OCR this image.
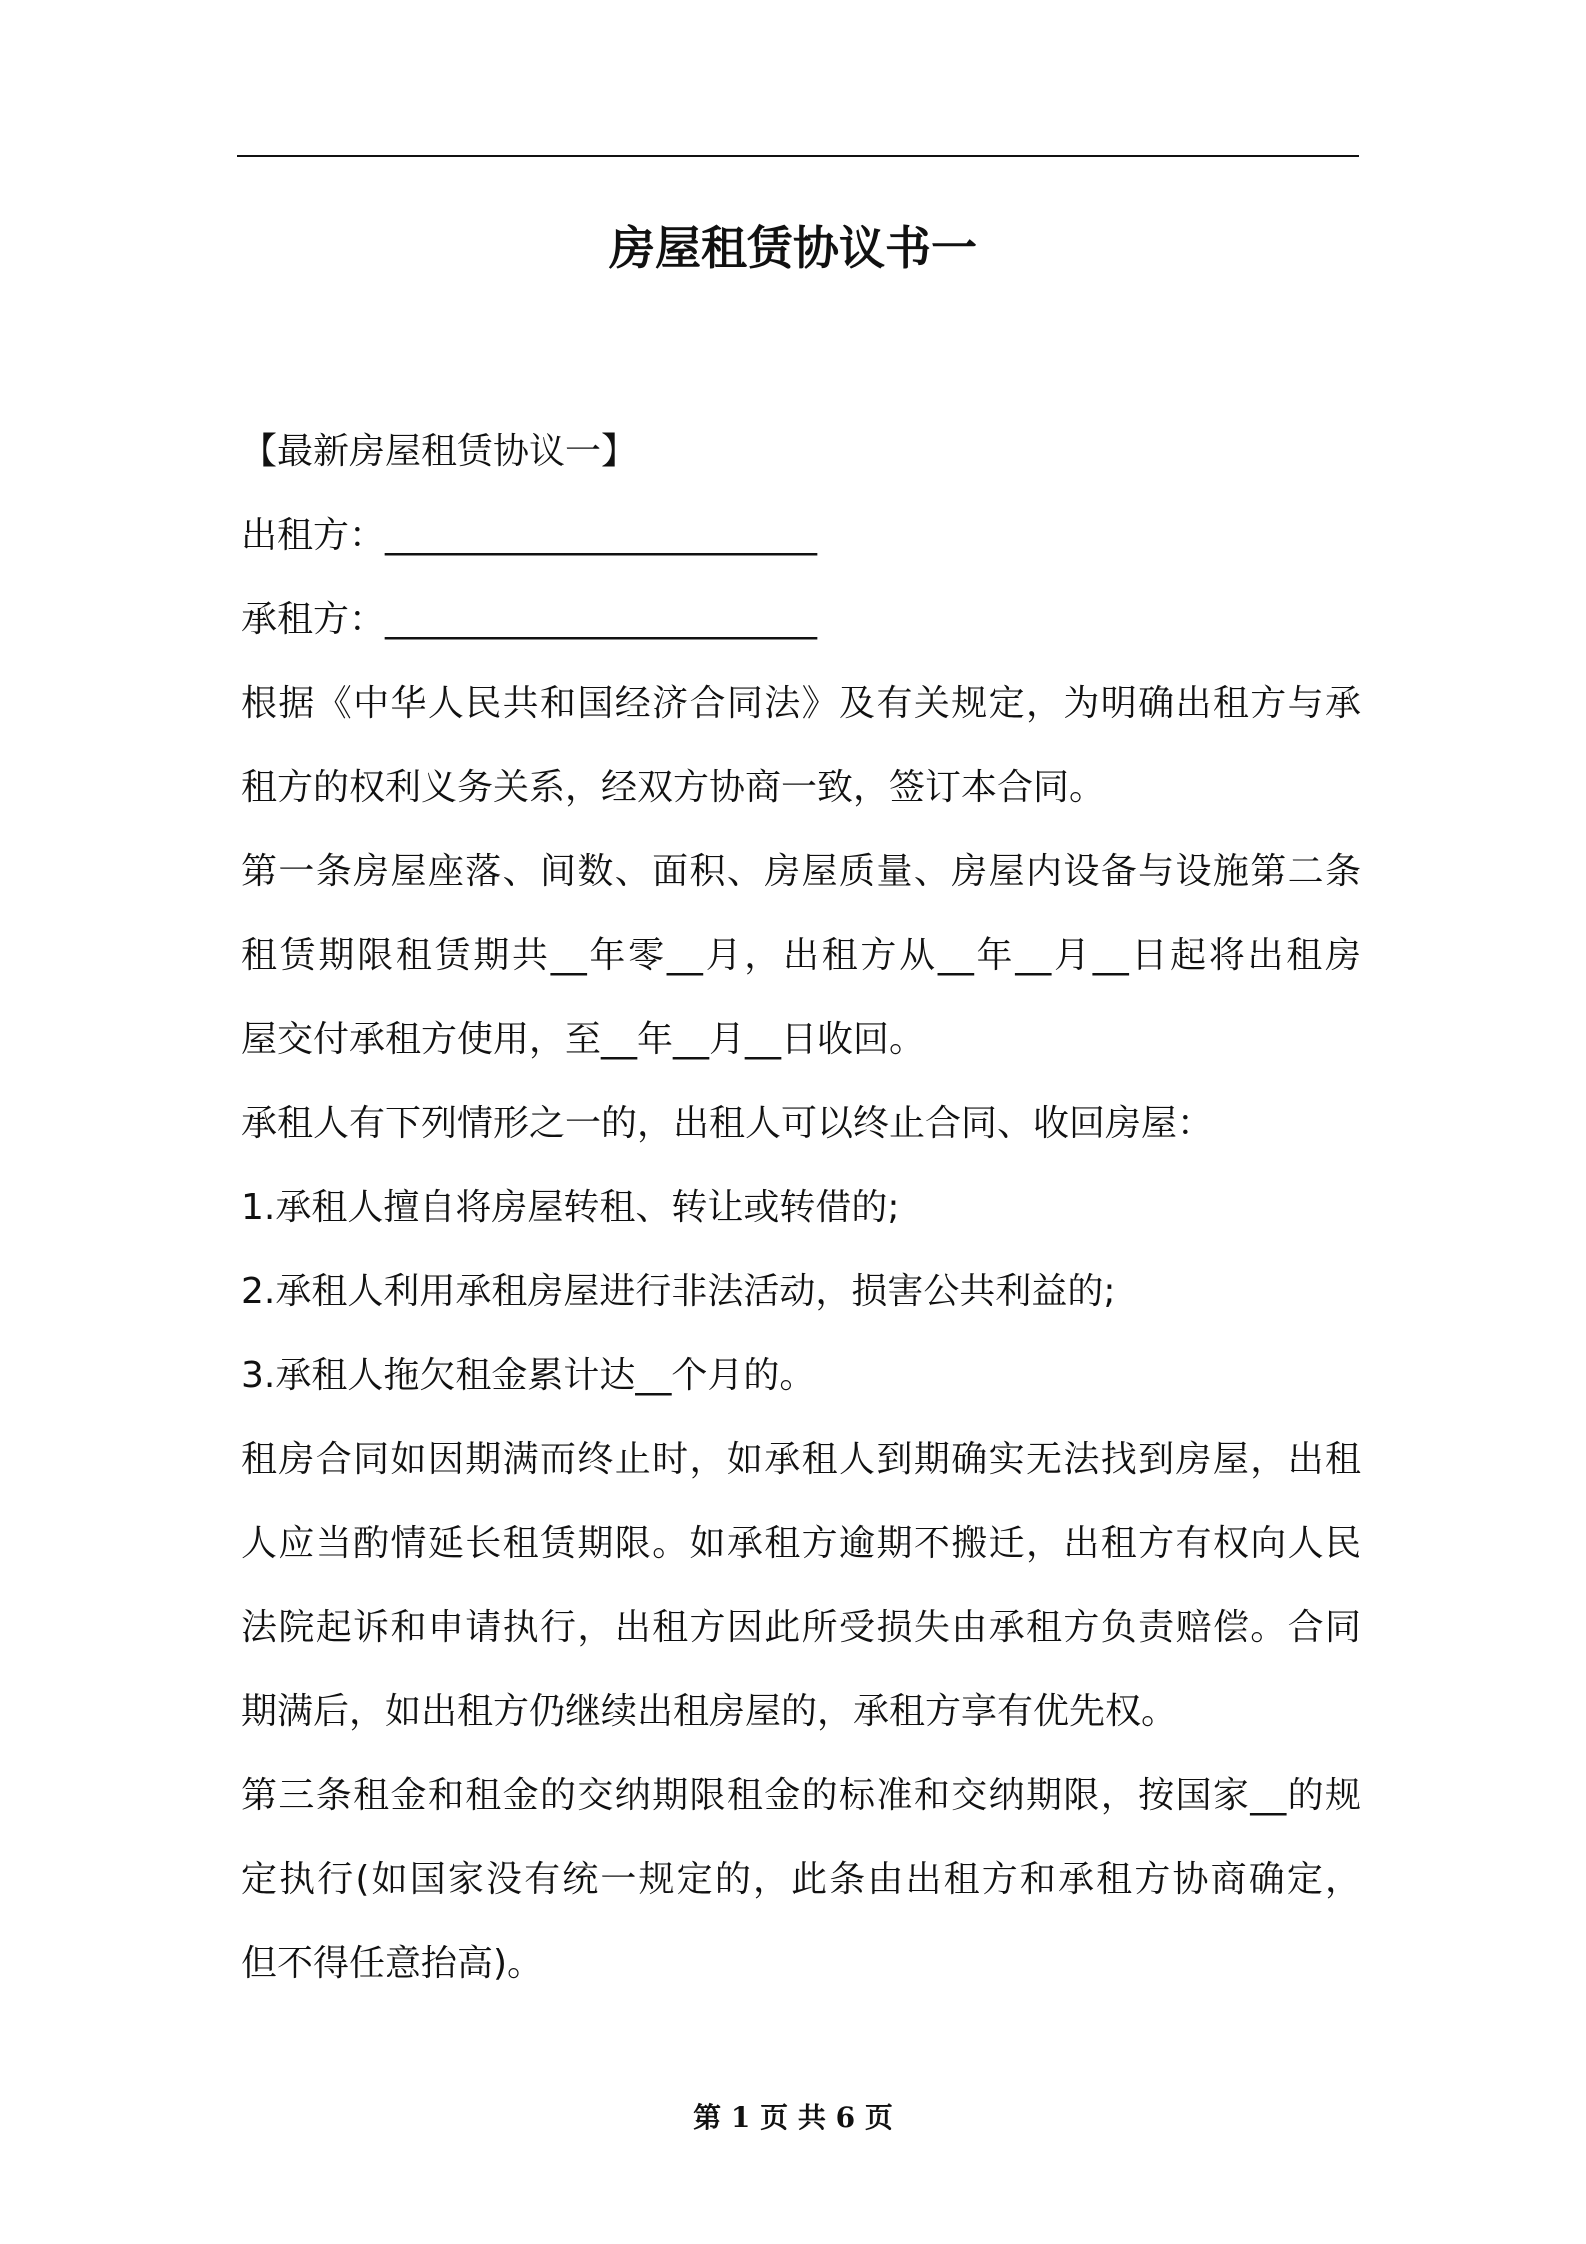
房屋租赁协议书一
【最新房屋租赁协议一】
出租方：________________________
承租方：________________________
根据《中华人民共和国经济合同法》及有关规定，为明确出租方与承
租方的权利义务关系，经双方协商一致，签订本合同。
第一条房屋座落、间数、面积、房屋质量、房屋内设备与设施第二条
租赁期限租赁期共__年零__月，出租方从__年__月__日起将出租房
屋交付承租方使用，至__年__月__日收回。
承租人有下列情形之一的，出租人可以终止合同、收回房屋：
1.承租人擅自将房屋转租、转让或转借的;
2.承租人利用承租房屋进行非法活动，损害公共利益的;
3.承租人拖欠租金累计达__个月的。
租房合同如因期满而终止时，如承租人到期确实无法找到房屋，出租
人应当酌情延长租赁期限。如承租方逾期不搬迁，出租方有权向人民
法院起诉和申请执行，出租方因此所受损失由承租方负责赔偿。合同
期满后，如出租方仍继续出租房屋的，承租方享有优先权。
第三条租金和租金的交纳期限租金的标准和交纳期限，按国家__的规
定执行(如国家没有统一规定的，此条由出租方和承租方协商确定，
但不得任意抬高)。
第 1 页 共 6 页
